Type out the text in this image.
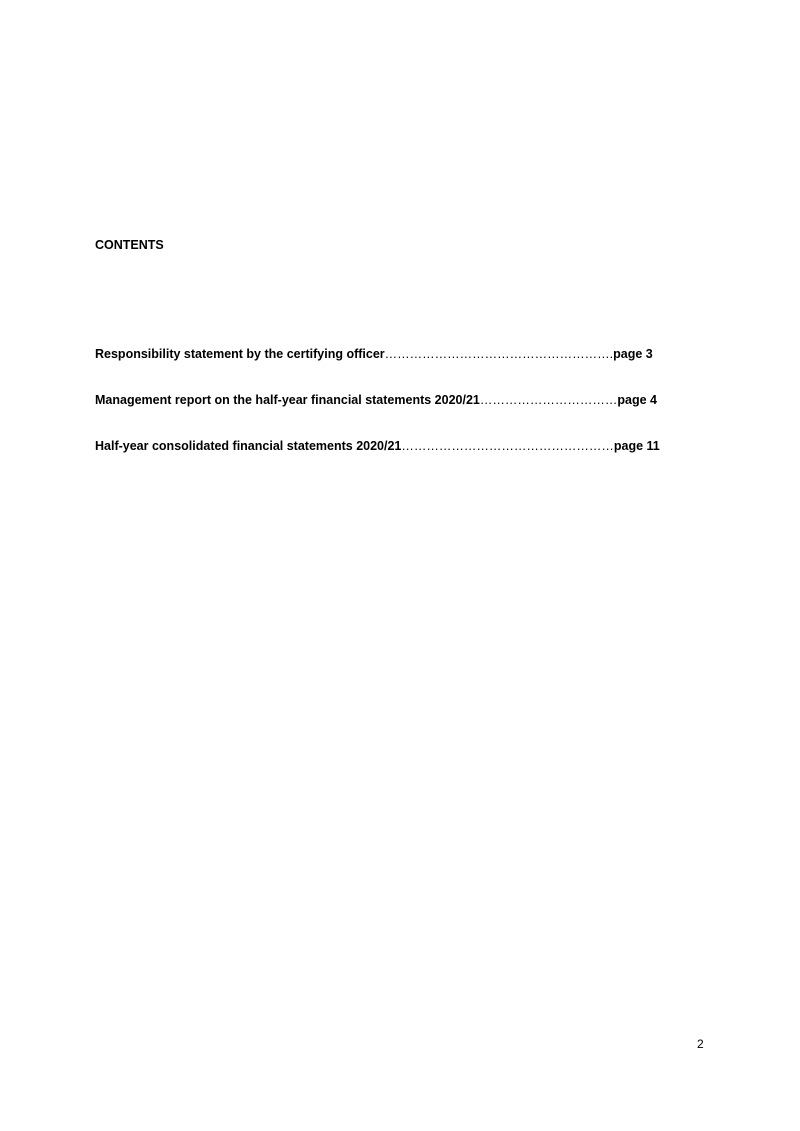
CONTENTS
Responsibility statement by the certifying officer……………………………………………….page 3
Management report on the half-year financial statements 2020/21……………………………page 4
Half-year consolidated financial statements 2020/21……………………………………………page 11
2
